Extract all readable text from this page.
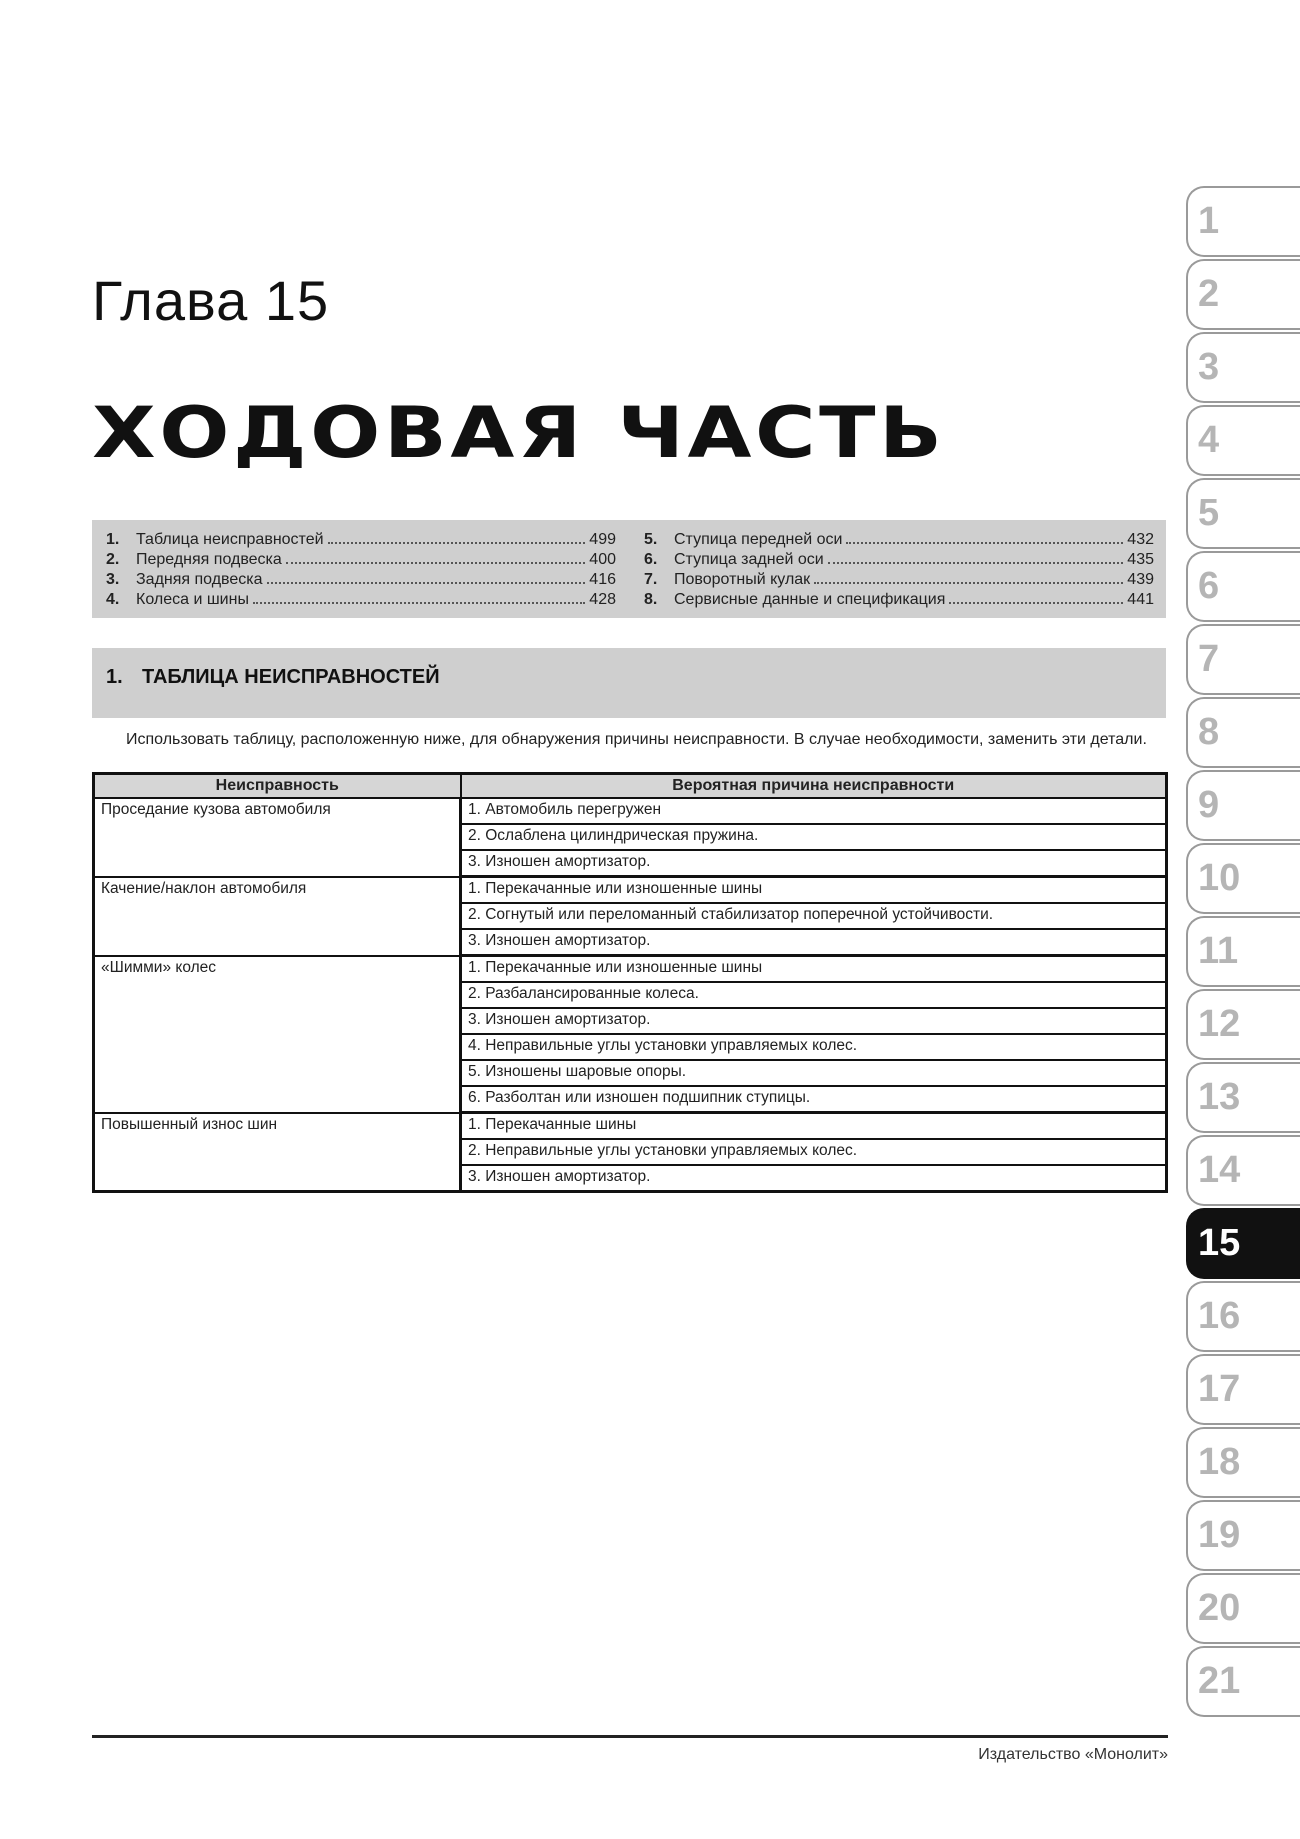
Глава 15
ХОДОВАЯ ЧАСТЬ
1.	Таблица неисправностей	499
2.	Передняя подвеска	400
3.	Задняя подвеска	416
4.	Колеса и шины	428
5.	Ступица передней оси	432
6.	Ступица задней оси	435
7.	Поворотный кулак	439
8.	Сервисные данные и спецификация	441
1. ТАБЛИЦА НЕИСПРАВНОСТЕЙ
Использовать таблицу, расположенную ниже, для обнаружения причины неисправности. В случае необходимости, заменить эти детали.
Неисправность	Вероятная причина неисправности
Проседание кузова автомобиля	1. Автомобиль перегружен
	2. Ослаблена цилиндрическая пружина.
	3. Изношен амортизатор.
Качение/наклон автомобиля	1. Перекачанные или изношенные шины
	2. Согнутый или переломанный стабилизатор поперечной устойчивости.
	3. Изношен амортизатор.
«Шимми» колес	1. Перекачанные или изношенные шины
	2. Разбалансированные колеса.
	3. Изношен амортизатор.
	4. Неправильные углы установки управляемых колес.
	5. Изношены шаровые опоры.
	6. Разболтан или изношен подшипник ступицы.
Повышенный износ шин	1. Перекачанные шины
	2. Неправильные углы установки управляемых колес.
	3. Изношен амортизатор.
1
2
3
4
5
6
7
8
9
10
11
12
13
14
15
16
17
18
19
20
21
Издательство «Монолит»
